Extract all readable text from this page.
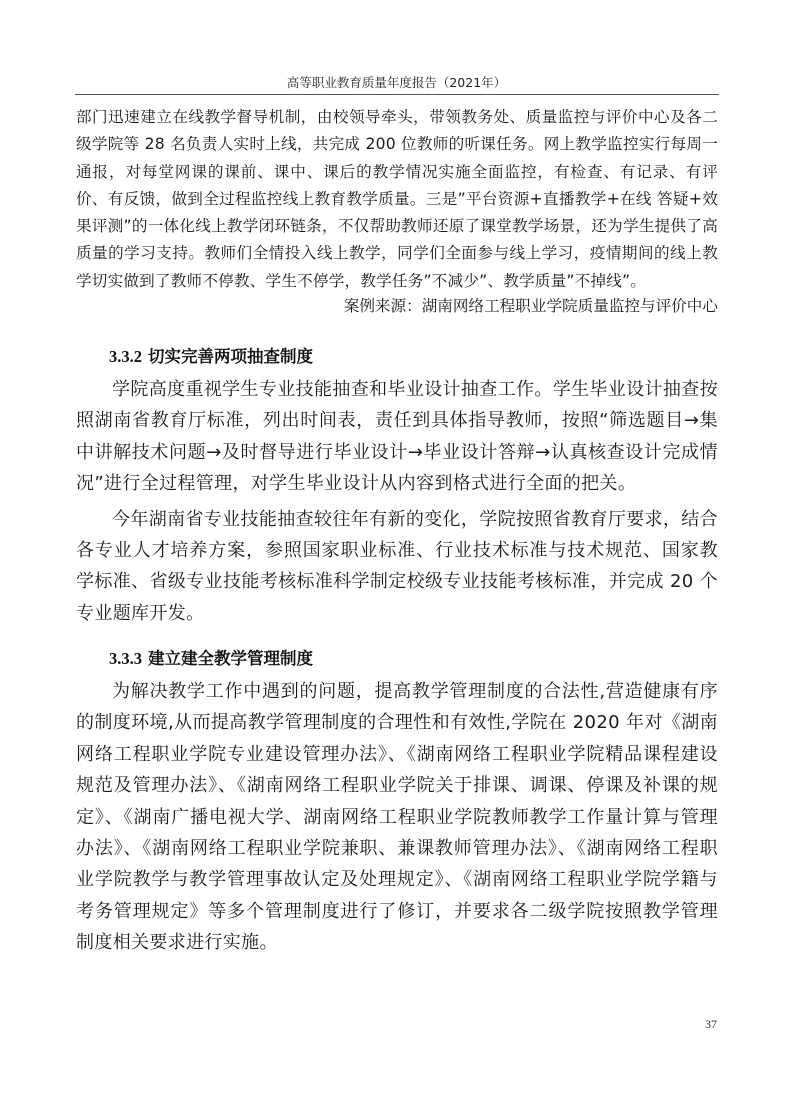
高等职业教育质量年度报告（2021年）
部门迅速建立在线教学督导机制，由校领导牵头，带领教务处、质量监控与评价中心及各二级学院等 28 名负责人实时上线，共完成 200 位教师的听课任务。网上教学监控实行每周一通报，对每堂网课的课前、课中、课后的教学情况实施全面监控，有检查、有记录、有评价、有反馈，做到全过程监控线上教育教学质量。三是”平台资源+直播教学+在线 答疑+效果评测”的一体化线上教学闭环链条，不仅帮助教师还原了课堂教学场景，还为学生提供了高质量的学习支持。教师们全情投入线上教学，同学们全面参与线上学习，疫情期间的线上教学切实做到了教师不停教、学生不停学，教学任务”不减少”、教学质量”不掉线”。
案例来源：湖南网络工程职业学院质量监控与评价中心
3.3.2 切实完善两项抽查制度
学院高度重视学生专业技能抽查和毕业设计抽查工作。学生毕业设计抽查按照湖南省教育厅标准，列出时间表，责任到具体指导教师，按照“筛选题目→集中讲解技术问题→及时督导进行毕业设计→毕业设计答辩→认真核查设计完成情况”进行全过程管理，对学生毕业设计从内容到格式进行全面的把关。
今年湖南省专业技能抽查较往年有新的变化，学院按照省教育厅要求，结合各专业人才培养方案，参照国家职业标准、行业技术标准与技术规范、国家教学标准、省级专业技能考核标准科学制定校级专业技能考核标准，并完成 20 个专业题库开发。
3.3.3 建立建全教学管理制度
为解决教学工作中遇到的问题，提高教学管理制度的合法性,营造健康有序的制度环境,从而提高教学管理制度的合理性和有效性,学院在 2020 年对《湖南网络工程职业学院专业建设管理办法》、《湖南网络工程职业学院精品课程建设规范及管理办法》、《湖南网络工程职业学院关于排课、调课、停课及补课的规定》、《湖南广播电视大学、湖南网络工程职业学院教师教学工作量计算与管理办法》、《湖南网络工程职业学院兼职、兼课教师管理办法》、《湖南网络工程职业学院教学与教学管理事故认定及处理规定》、《湖南网络工程职业学院学籍与考务管理规定》等多个管理制度进行了修订，并要求各二级学院按照教学管理制度相关要求进行实施。
37
